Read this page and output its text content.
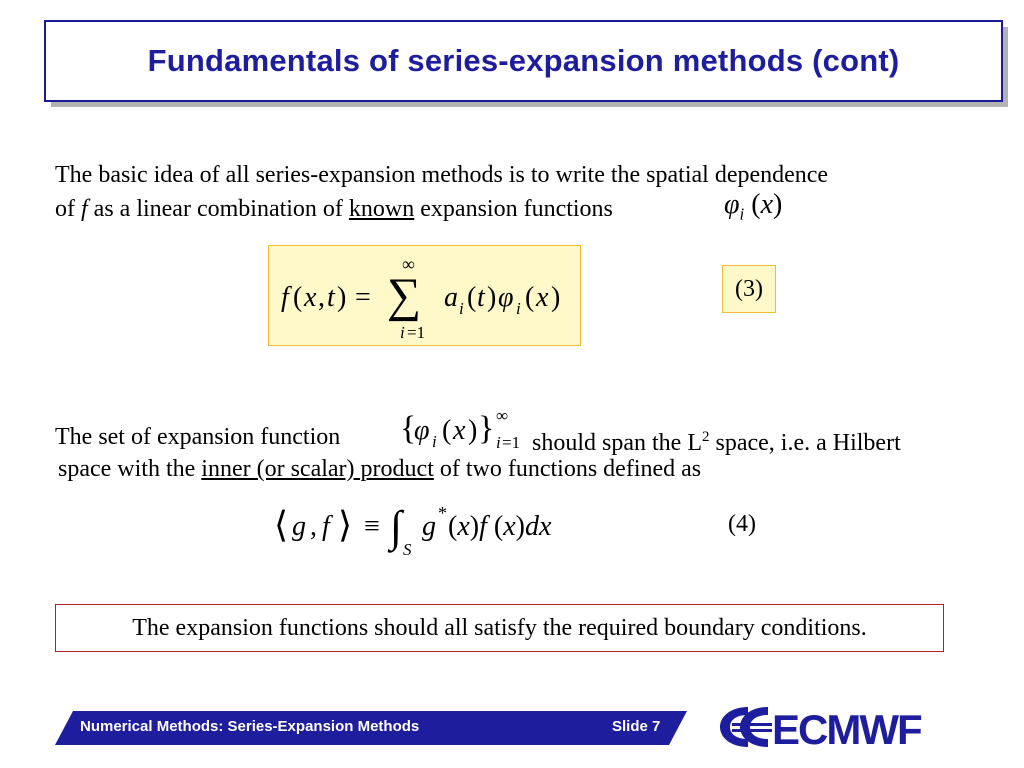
Fundamentals of series-expansion methods (cont)

The basic idea of all series-expansion methods is to write the spatial dependence
of f as a linear combination of known expansion functions	$\varphi_i$ (x)
f ( x , t ) =
∞
∑
i =1
a i ( t ) φ i ( x )	(3)
The set of expansion function {
φ i ( x ) } ∞
i =1 should span the $L^2$ space, i.e. a Hilbert
space with the inner (or scalar) product of two functions defined as
⟨ g , f ⟩ ≡ ∫ S
g * (x)f (x)dx	(4)
The expansion functions should all satisfy the required boundary conditions.
Numerical Methods: Series-Expansion Methods	Slide 7	ECMWF
